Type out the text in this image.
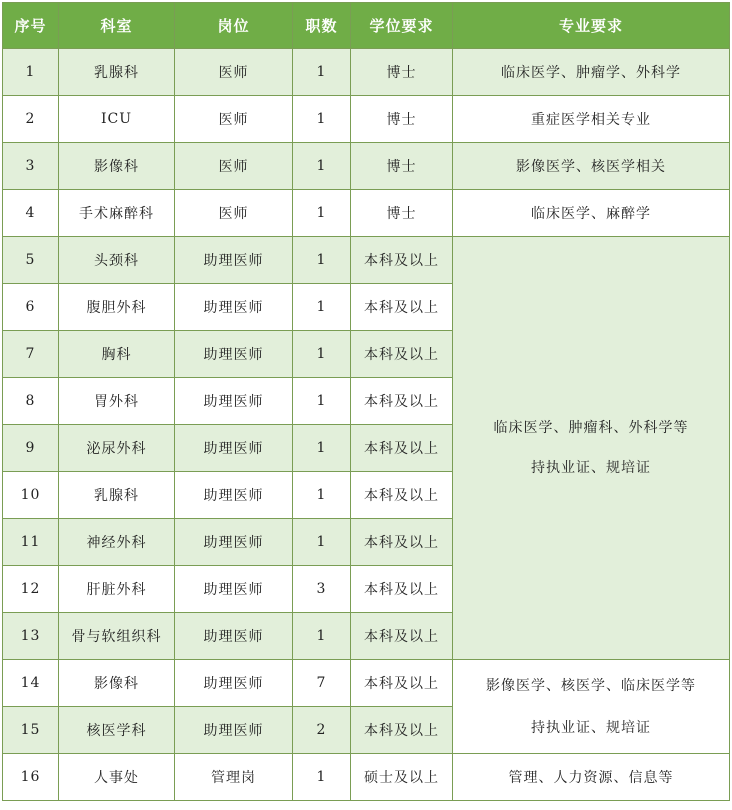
序号	科室	岗位	职数	学位要求	专业要求
1	乳腺科	医师	1	博士	临床医学、肿瘤学、外科学
2	ICU	医师	1	博士	重症医学相关专业
3	影像科	医师	1	博士	影像医学、核医学相关
4	手术麻醉科	医师	1	博士	临床医学、麻醉学
5	头颈科	助理医师	1	本科及以上	临床医学、肿瘤科、外科学等
持执业证、规培证

6	腹胆外科	助理医师	1	本科及以上	
7	胸科	助理医师	1	本科及以上	
8	胃外科	助理医师	1	本科及以上	
9	泌尿外科	助理医师	1	本科及以上	
10	乳腺科	助理医师	1	本科及以上	
11	神经外科	助理医师	1	本科及以上	
12	肝脏外科	助理医师	3	本科及以上	
13	骨与软组织科	助理医师	1	本科及以上	
14	影像科	助理医师	7	本科及以上	影像医学、核医学、临床医学等
持执业证、规培证

15	核医学科	助理医师	2	本科及以上	
16	人事处	管理岗	1	硕士及以上	管理、人力资源、信息等
